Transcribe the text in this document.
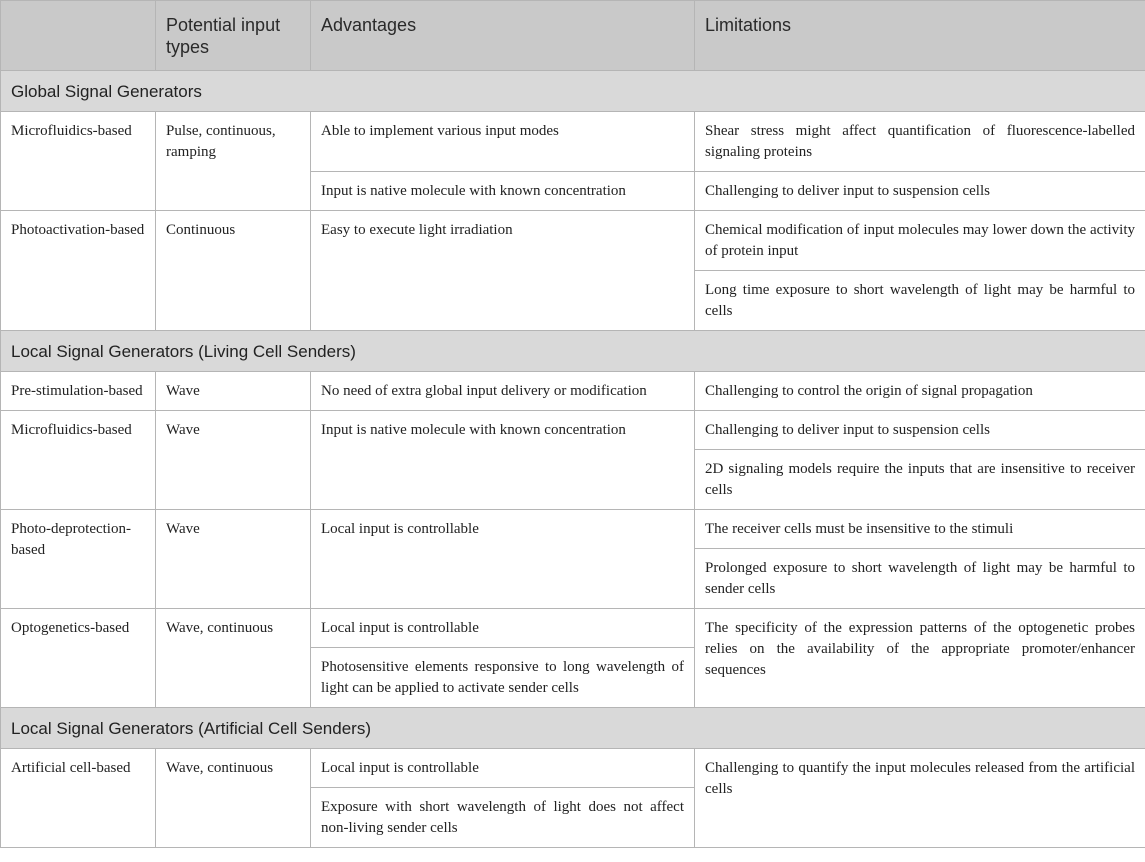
	Potential input types	Advantages	Limitations
Global Signal Generators			
Microfluidics-based	Pulse, continuous, ramping	Able to implement various input modes	Shear stress might affect quantification of fluorescence-labelled signaling proteins
		Input is native molecule with known concentration	Challenging to deliver input to suspension cells
Photoactivation-based	Continuous	Easy to execute light irradiation	Chemical modification of input molecules may lower down the activity of protein input
			Long time exposure to short wavelength of light may be harmful to cells
Local Signal Generators (Living Cell Senders)			
Pre-stimulation-based	Wave	No need of extra global input delivery or modification	Challenging to control the origin of signal propagation
Microfluidics-based	Wave	Input is native molecule with known concentration	Challenging to deliver input to suspension cells
			2D signaling models require the inputs that are insensitive to receiver cells
Photo-deprotection-based	Wave	Local input is controllable	The receiver cells must be insensitive to the stimuli
			Prolonged exposure to short wavelength of light may be harmful to sender cells
Optogenetics-based	Wave, continuous	Local input is controllable	The specificity of the expression patterns of the optogenetic probes relies on the availability of the appropriate promoter/enhancer sequences
		Photosensitive elements responsive to long wavelength of light can be applied to activate sender cells	
Local Signal Generators (Artificial Cell Senders)			
Artificial cell-based	Wave, continuous	Local input is controllable	Challenging to quantify the input molecules released from the artificial cells
		Exposure with short wavelength of light does not affect non-living sender cells	
